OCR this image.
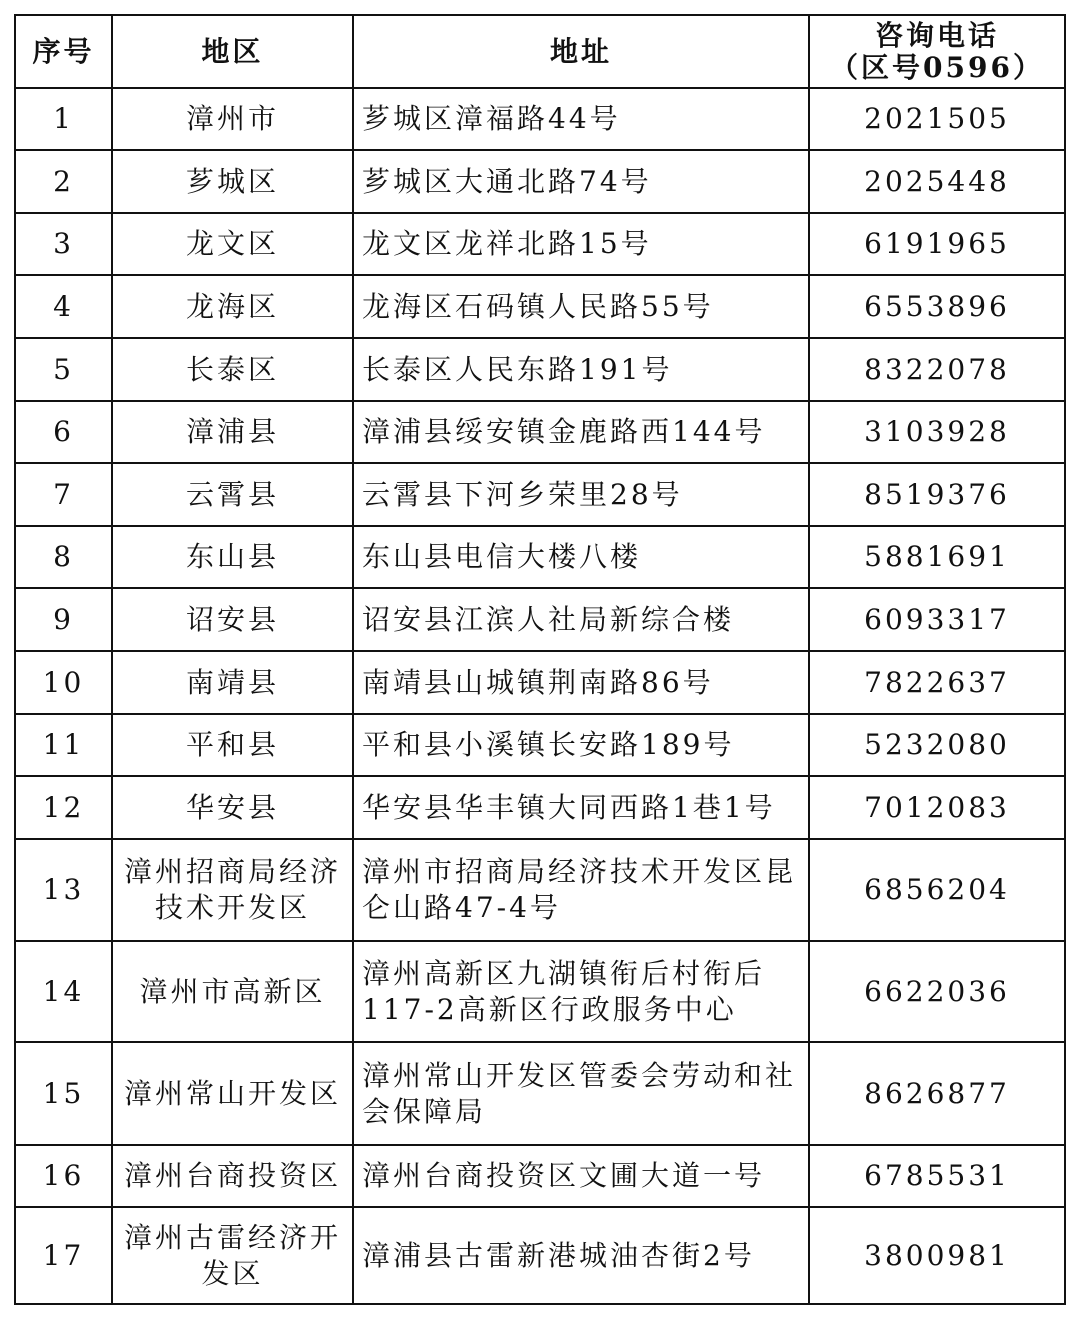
序号	地区	地址	咨询电话
（区号0596）

1	漳州市	芗城区漳福路44号	2021505
2	芗城区	芗城区大通北路74号	2025448
3	龙文区	龙文区龙祥北路15号	6191965
4	龙海区	龙海区石码镇人民路55号	6553896
5	长泰区	长泰区人民东路191号	8322078
6	漳浦县	漳浦县绥安镇金鹿路西144号	3103928
7	云霄县	云霄县下河乡荣里28号	8519376
8	东山县	东山县电信大楼八楼	5881691
9	诏安县	诏安县江滨人社局新综合楼	6093317
10	南靖县	南靖县山城镇荆南路86号	7822637
11	平和县	平和县小溪镇长安路189号	5232080
12	华安县	华安县华丰镇大同西路1巷1号	7012083
13	漳州招商局经济技术开发区	漳州市招商局经济技术开发区昆仑山路47-4号	6856204
14	漳州市高新区	漳州高新区九湖镇衔后村衔后117-2高新区行政服务中心	6622036
15	漳州常山开发区	漳州常山开发区管委会劳动和社会保障局	8626877
16	漳州台商投资区	漳州台商投资区文圃大道一号	6785531
17	漳州古雷经济开发区	漳浦县古雷新港城油杏街2号	3800981
